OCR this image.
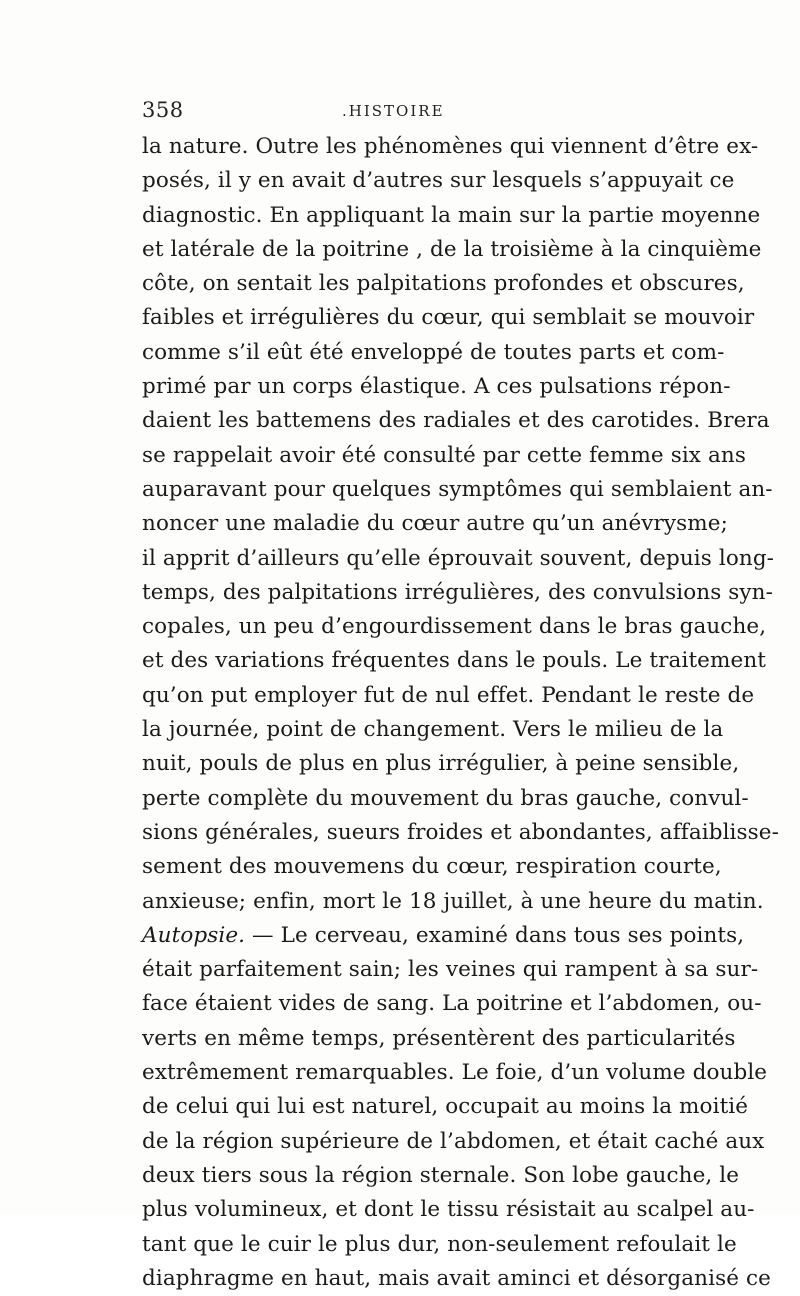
358	.HISTOIRE
la nature. Outre les phénomènes qui viennent d’être ex-
posés, il y en avait d’autres sur lesquels s’appuyait ce
diagnostic. En appliquant la main sur la partie moyenne
et latérale de la poitrine , de la troisième à la cinquième
côte, on sentait les palpitations profondes et obscures,
faibles et irrégulières du cœur, qui semblait se mouvoir
comme s’il eût été enveloppé de toutes parts et com-
primé par un corps élastique. A ces pulsations répon-
daient les battemens des radiales et des carotides. Brera
se rappelait avoir été consulté par cette femme six ans
auparavant pour quelques symptômes qui semblaient an-
noncer une maladie du cœur autre qu’un anévrysme;
il apprit d’ailleurs qu’elle éprouvait souvent, depuis long-
temps, des palpitations irrégulières, des convulsions syn-
copales, un peu d’engourdissement dans le bras gauche,
et des variations fréquentes dans le pouls. Le traitement
qu’on put employer fut de nul effet. Pendant le reste de
la journée, point de changement. Vers le milieu de la
nuit, pouls de plus en plus irrégulier, à peine sensible,
perte complète du mouvement du bras gauche, convul-
sions générales, sueurs froides et abondantes, affaiblisse-
sement des mouvemens du cœur, respiration courte,
anxieuse; enfin, mort le 18 juillet, à une heure du matin.
Autopsie. — Le cerveau, examiné dans tous ses points,
était parfaitement sain; les veines qui rampent à sa sur-
face étaient vides de sang. La poitrine et l’abdomen, ou-
verts en même temps, présentèrent des particularités
extrêmement remarquables. Le foie, d’un volume double
de celui qui lui est naturel, occupait au moins la moitié
de la région supérieure de l’abdomen, et était caché aux
deux tiers sous la région sternale. Son lobe gauche, le
plus volumineux, et dont le tissu résistait au scalpel au-
tant que le cuir le plus dur, non-seulement refoulait le
diaphragme en haut, mais avait aminci et désorganisé ce
